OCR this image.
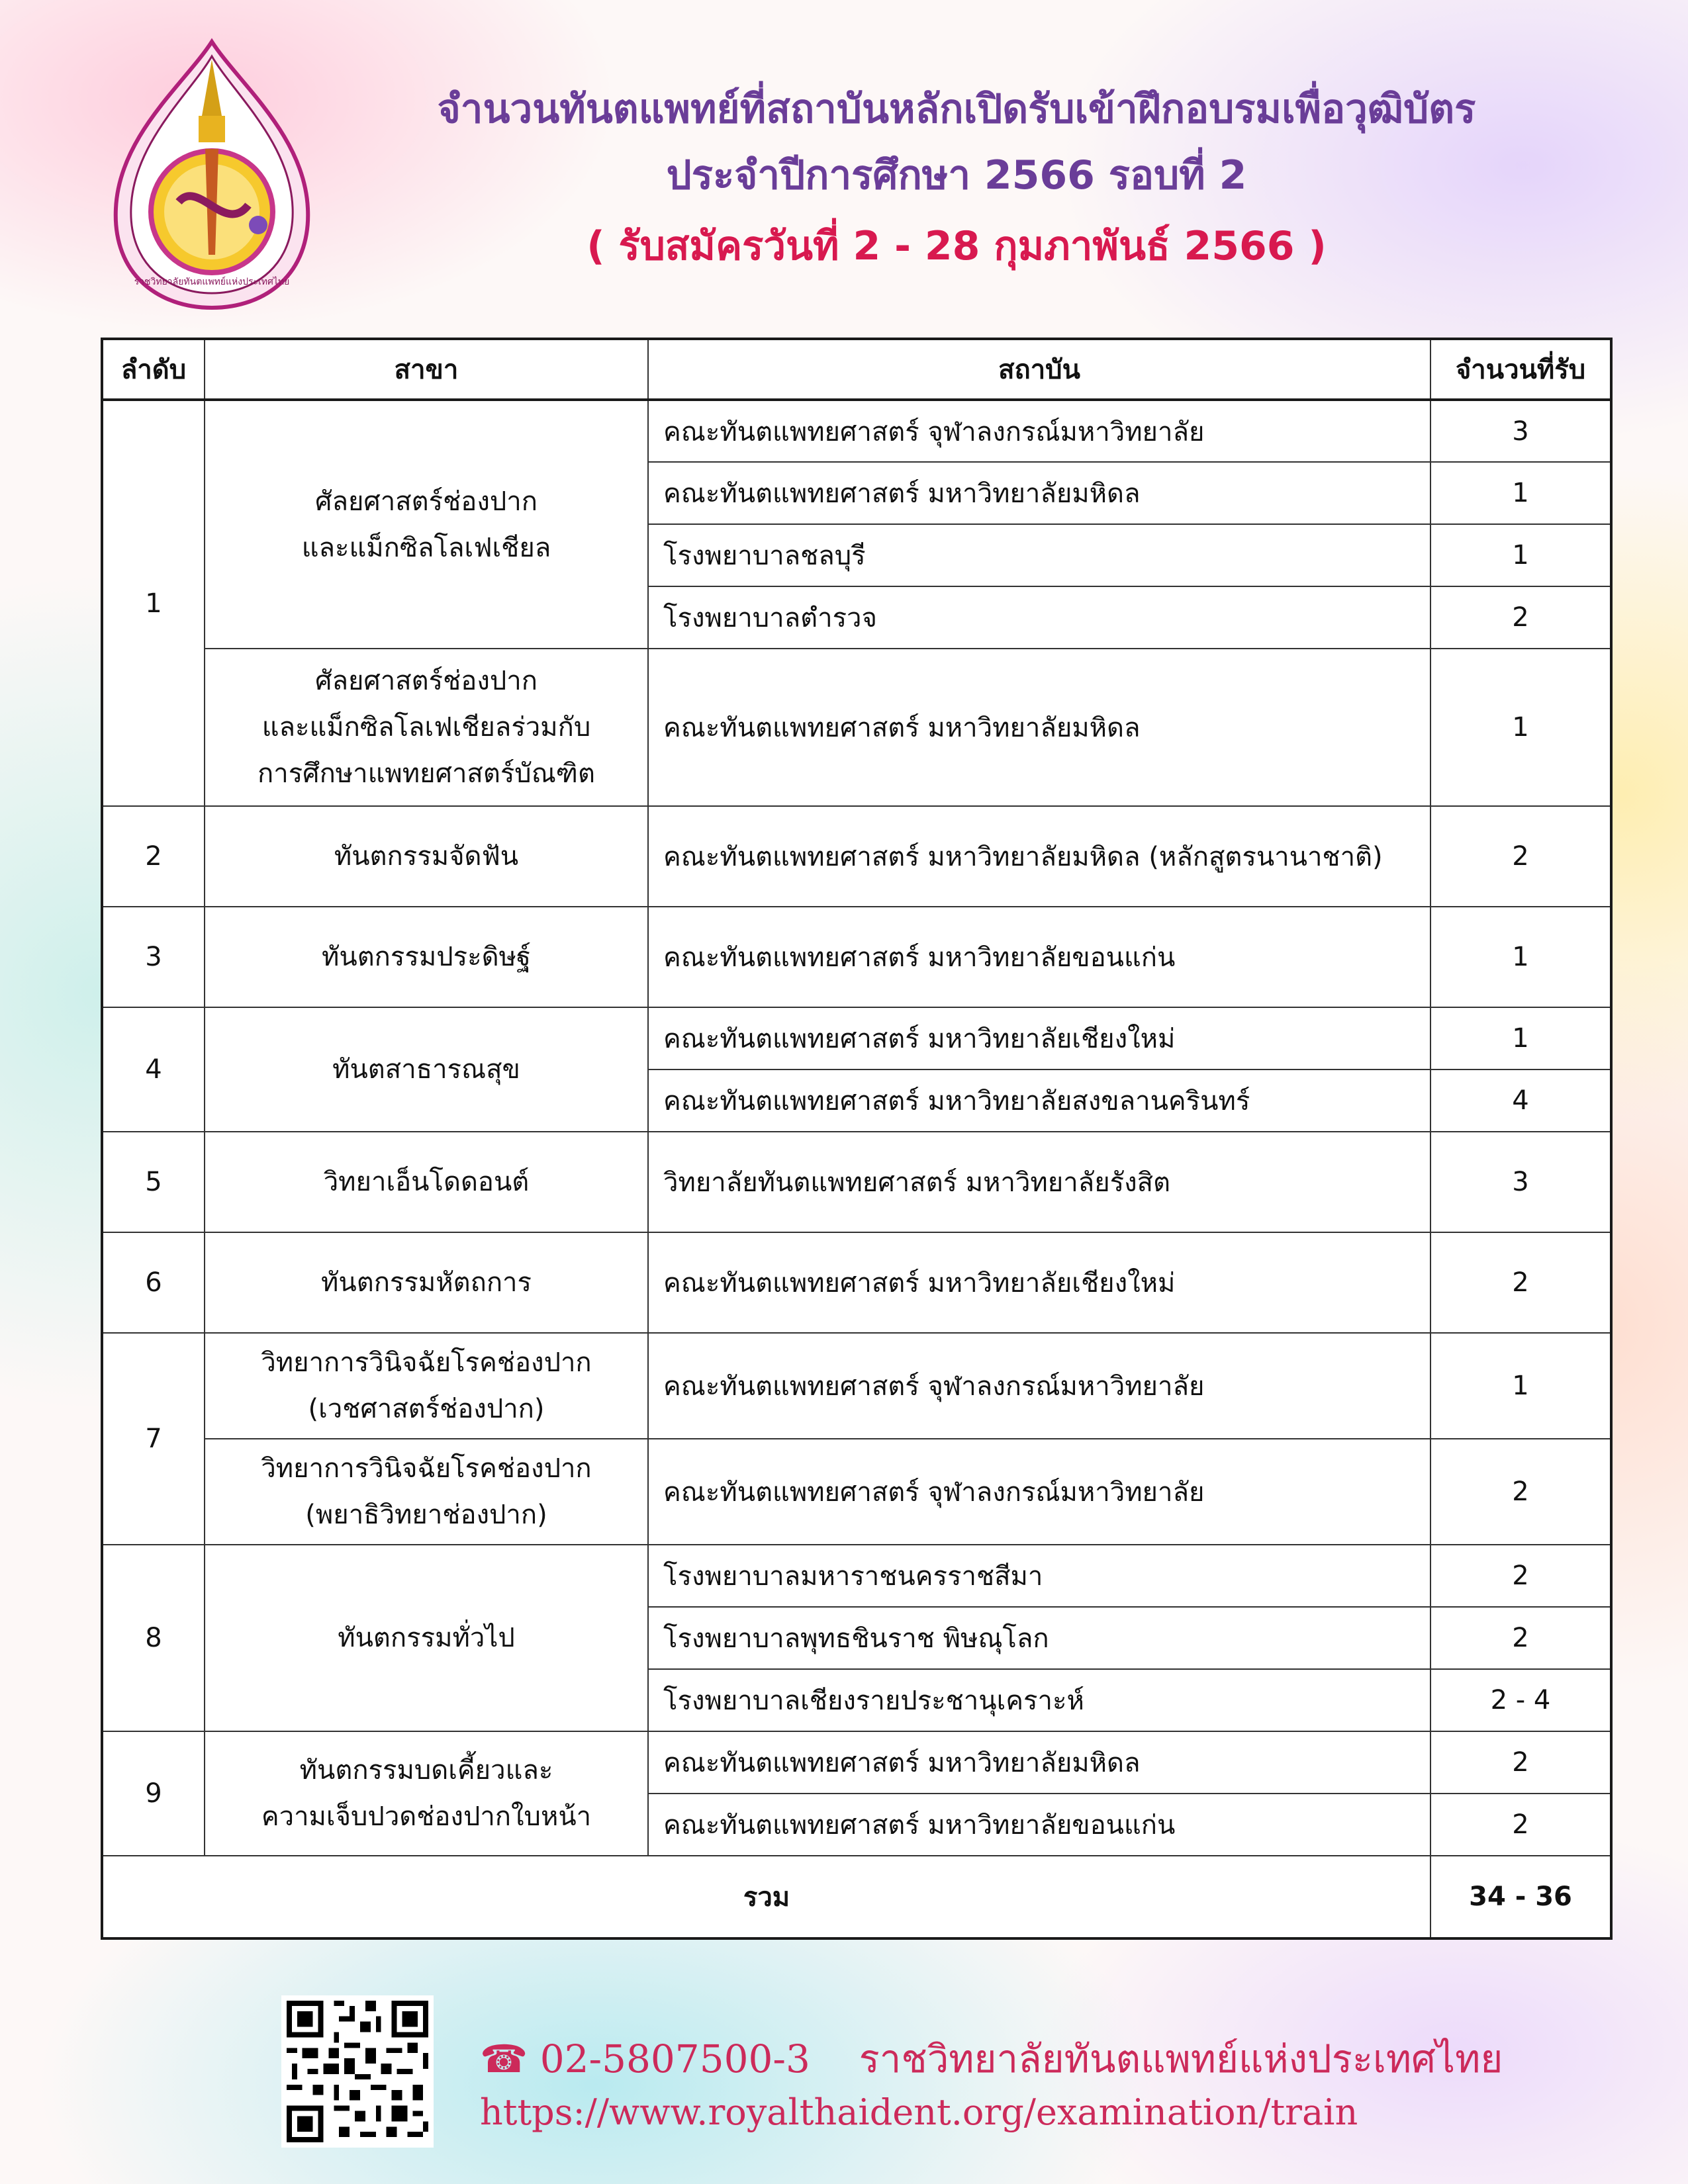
ราชวิทยาลัยทันตแพทย์แห่งประเทศไทย
จำนวนทันตแพทย์ที่สถาบันหลักเปิดรับเข้าฝึกอบรมเพื่อวุฒิบัตร
ประจำปีการศึกษา 2566 รอบที่ 2
( รับสมัครวันที่ 2 - 28 กุมภาพันธ์ 2566 )
ลำดับ	สาขา	สถาบัน	จำนวนที่รับ
1	ศัลยศาสตร์ช่องปาก
และแม็กซิลโลเฟเชียล	คณะทันตแพทยศาสตร์ จุฬาลงกรณ์มหาวิทยาลัย	3
		คณะทันตแพทยศาสตร์ มหาวิทยาลัยมหิดล	1
		โรงพยาบาลชลบุรี	1
		โรงพยาบาลตำรวจ	2

	ศัลยศาสตร์ช่องปาก
และแม็กซิลโลเฟเชียลร่วมกับ
การศึกษาแพทยศาสตร์บัณฑิต	คณะทันตแพทยศาสตร์ มหาวิทยาลัยมหิดล	1
2	ทันตกรรมจัดฟัน	คณะทันตแพทยศาสตร์ มหาวิทยาลัยมหิดล (หลักสูตรนานาชาติ)	2
3	ทันตกรรมประดิษฐ์	คณะทันตแพทยศาสตร์ มหาวิทยาลัยขอนแก่น	1
4	ทันตสาธารณสุข	คณะทันตแพทยศาสตร์ มหาวิทยาลัยเชียงใหม่	1
		คณะทันตแพทยศาสตร์ มหาวิทยาลัยสงขลานครินทร์	4
5	วิทยาเอ็นโดดอนต์	วิทยาลัยทันตแพทยศาสตร์ มหาวิทยาลัยรังสิต	3
6	ทันตกรรมหัตถการ	คณะทันตแพทยศาสตร์ มหาวิทยาลัยเชียงใหม่	2
7	วิทยาการวินิจฉัยโรคช่องปาก
(เวชศาสตร์ช่องปาก)	คณะทันตแพทยศาสตร์ จุฬาลงกรณ์มหาวิทยาลัย	1

	วิทยาการวินิจฉัยโรคช่องปาก
(พยาธิวิทยาช่องปาก)	คณะทันตแพทยศาสตร์ จุฬาลงกรณ์มหาวิทยาลัย	2
8	ทันตกรรมทั่วไป	โรงพยาบาลมหาราชนครราชสีมา	2
		โรงพยาบาลพุทธชินราช พิษณุโลก	2
		โรงพยาบาลเชียงรายประชานุเคราะห์	2 - 4
9	ทันตกรรมบดเคี้ยวและ
ความเจ็บปวดช่องปากใบหน้า	คณะทันตแพทยศาสตร์ มหาวิทยาลัยมหิดล	2
		คณะทันตแพทยศาสตร์ มหาวิทยาลัยขอนแก่น	2
รวม			34 - 36
☎ 02-5807500-3 ราชวิทยาลัยทันตแพทย์แห่งประเทศไทย
https://www.royalthaident.org/examination/train
